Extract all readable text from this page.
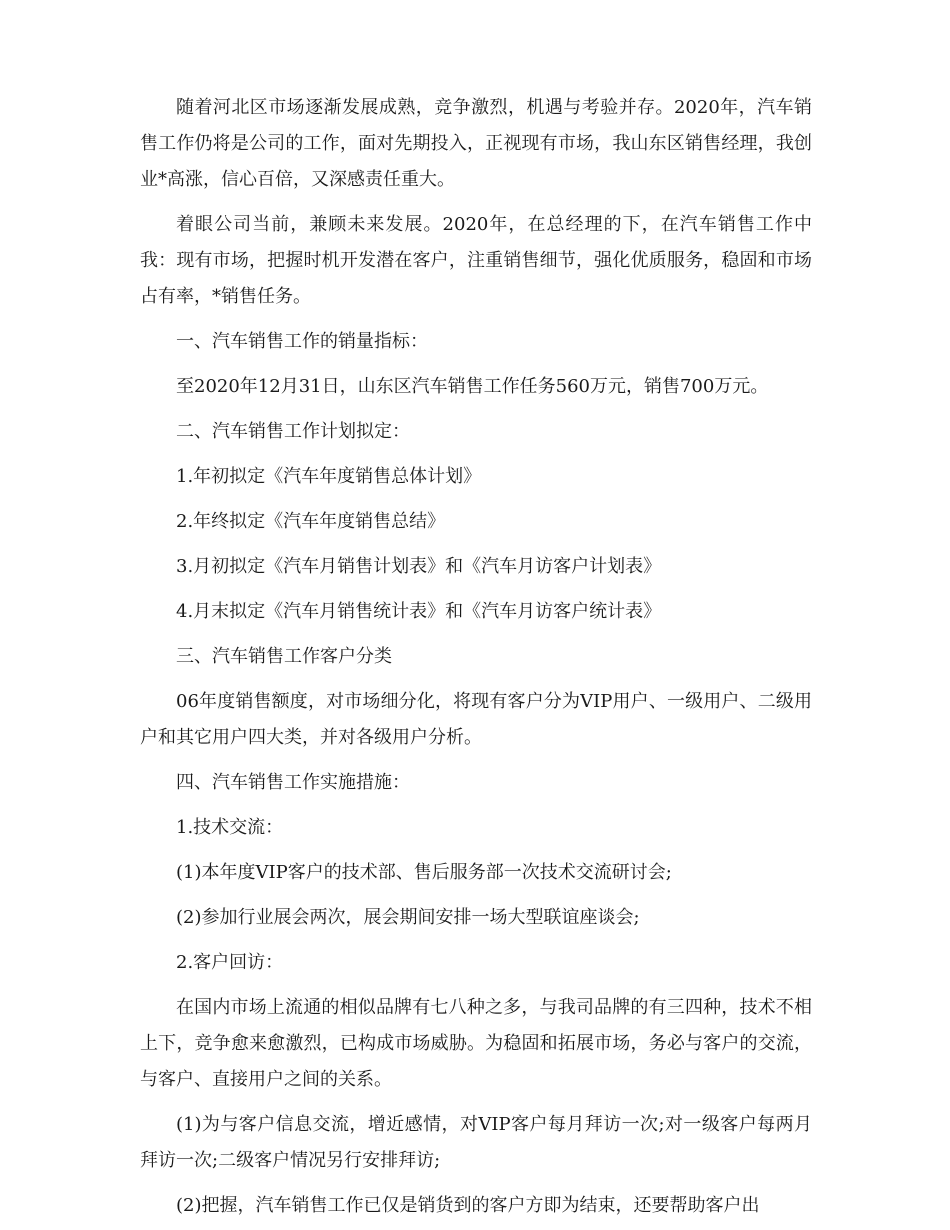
随着河北区市场逐渐发展成熟，竞争激烈，机遇与考验并存。2020年，汽车销售工作仍将是公司的工作，面对先期投入，正视现有市场，我山东区销售经理，我创业*高涨，信心百倍，又深感责任重大。

着眼公司当前，兼顾未来发展。2020年，在总经理的下，在汽车销售工作中我：现有市场，把握时机开发潜在客户，注重销售细节，强化优质服务，稳固和市场占有率，*销售任务。

一、汽车销售工作的销量指标：

至2020年12月31日，山东区汽车销售工作任务560万元，销售700万元。

二、汽车销售工作计划拟定：

1.年初拟定《汽车年度销售总体计划》

2.年终拟定《汽车年度销售总结》

3.月初拟定《汽车月销售计划表》和《汽车月访客户计划表》

4.月末拟定《汽车月销售统计表》和《汽车月访客户统计表》

三、汽车销售工作客户分类

06年度销售额度，对市场细分化，将现有客户分为VIP用户、一级用户、二级用户和其它用户四大类，并对各级用户分析。

四、汽车销售工作实施措施：

1.技术交流：

(1)本年度VIP客户的技术部、售后服务部一次技术交流研讨会;

(2)参加行业展会两次，展会期间安排一场大型联谊座谈会;

2.客户回访：

在国内市场上流通的相似品牌有七八种之多，与我司品牌的有三四种，技术不相上下，竞争愈来愈激烈，已构成市场威胁。为稳固和拓展市场，务必与客户的交流，与客户、直接用户之间的关系。

(1)为与客户信息交流，增近感情，对VIP客户每月拜访一次;对一级客户每两月拜访一次;二级客户情况另行安排拜访;

(2)把握，汽车销售工作已仅是销货到的客户方即为结束，还要帮助客户出
